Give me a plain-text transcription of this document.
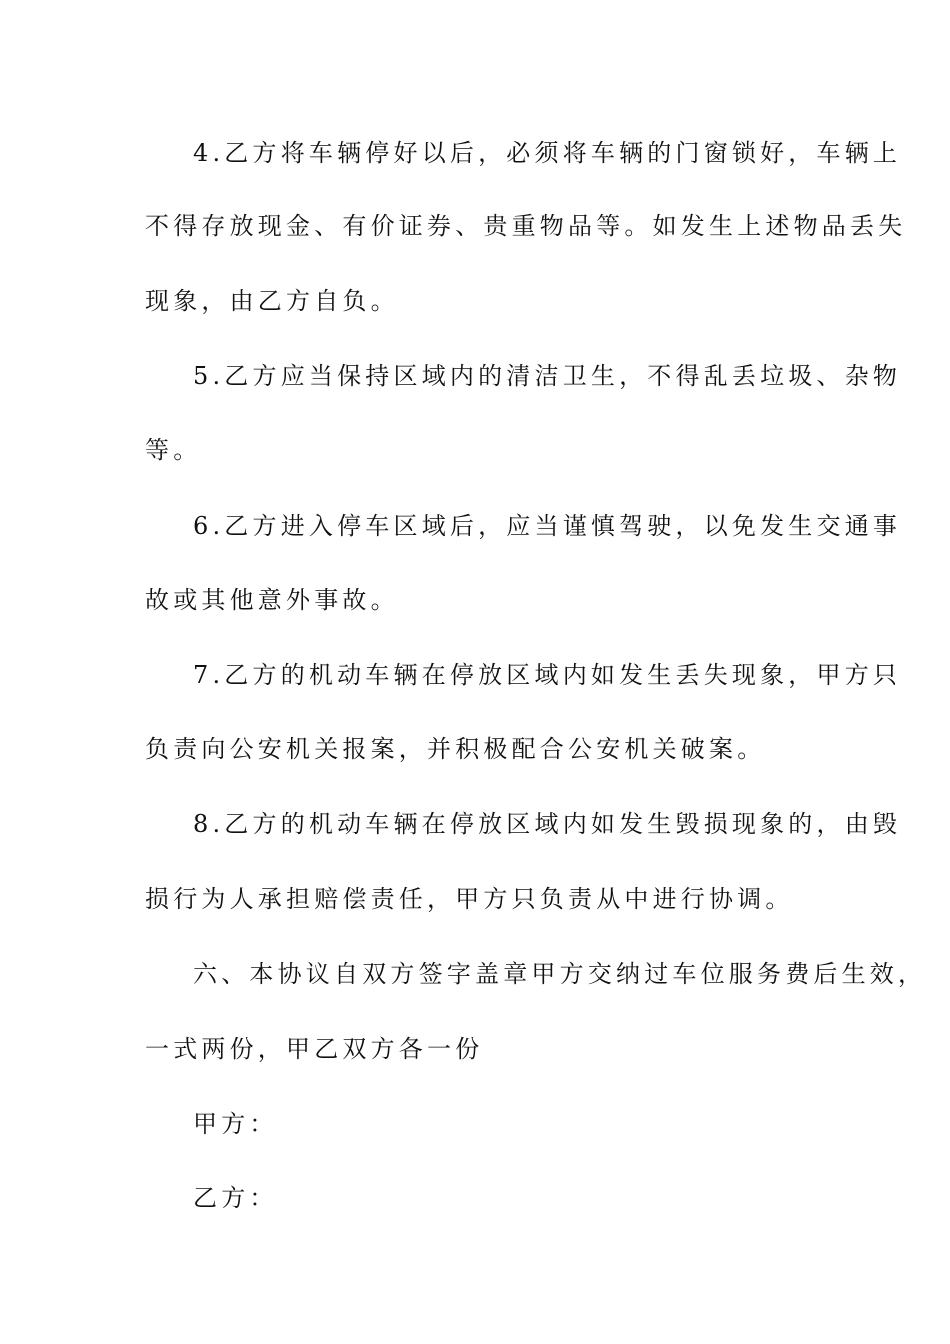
4.乙方将车辆停好以后，必须将车辆的门窗锁好，车辆上
不得存放现金、有价证券、贵重物品等。如发生上述物品丢失
现象，由乙方自负。
5.乙方应当保持区域内的清洁卫生，不得乱丢垃圾、杂物
等。
6.乙方进入停车区域后，应当谨慎驾驶，以免发生交通事
故或其他意外事故。
7.乙方的机动车辆在停放区域内如发生丢失现象，甲方只
负责向公安机关报案，并积极配合公安机关破案。
8.乙方的机动车辆在停放区域内如发生毁损现象的，由毁
损行为人承担赔偿责任，甲方只负责从中进行协调。
六、本协议自双方签字盖章甲方交纳过车位服务费后生效，
一式两份，甲乙双方各一份
甲方：
乙方：
